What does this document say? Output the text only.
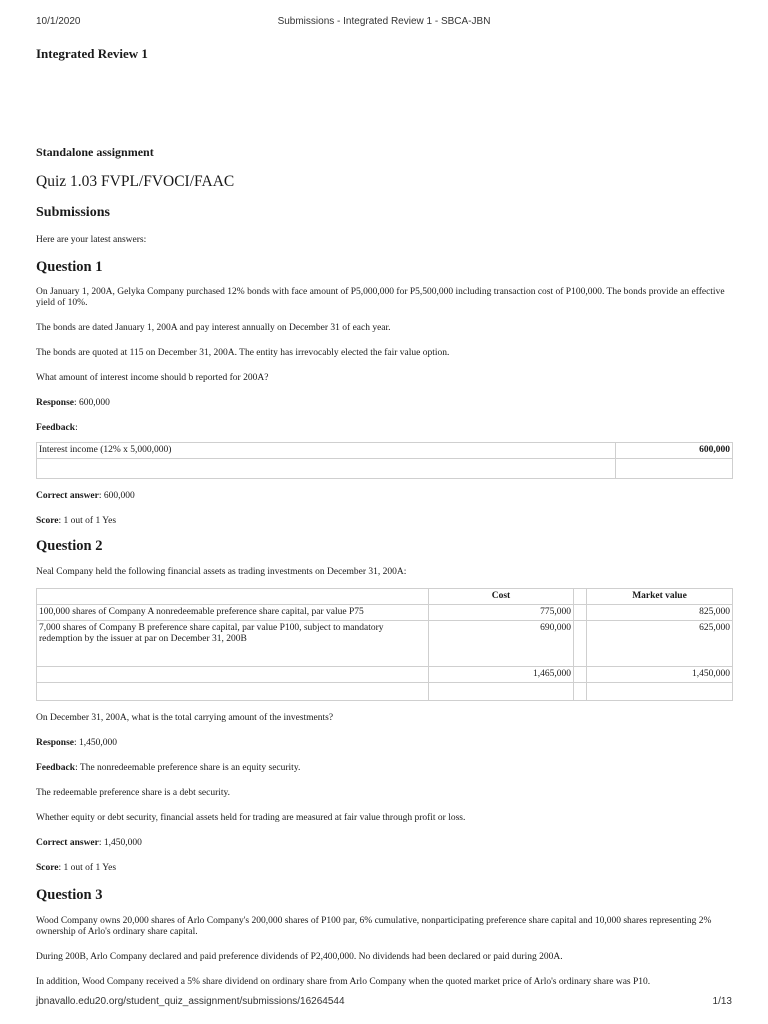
10/1/2020	Submissions - Integrated Review 1 - SBCA-JBN
Integrated Review 1
Standalone assignment
Quiz 1.03 FVPL/FVOCI/FAAC
Submissions

Here are your latest answers:

Question 1

On January 1, 200A, Gelyka Company purchased 12% bonds with face amount of P5,000,000 for P5,500,000 including transaction cost of P100,000. The bonds provide an effective yield of 10%.

The bonds are dated January 1, 200A and pay interest annually on December 31 of each year.

The bonds are quoted at 115 on December 31, 200A. The entity has irrevocably elected the fair value option.

What amount of interest income should b reported for 200A?

Response: 600,000

Feedback:

Interest income (12% x 5,000,000)	600,000

Correct answer: 600,000

Score: 1 out of 1 Yes

Question 2

Neal Company held the following financial assets as trading investments on December 31, 200A:

	Cost		Market value
100,000 shares of Company A nonredeemable preference share capital, par value P75	775,000		825,000
7,000 shares of Company B preference share capital, par value P100, subject to mandatory redemption by the issuer at par on December 31, 200B	690,000		625,000
	1,465,000		1,450,000

On December 31, 200A, what is the total carrying amount of the investments?

Response: 1,450,000

Feedback: The nonredeemable preference share is an equity security.

The redeemable preference share is a debt security.

Whether equity or debt security, financial assets held for trading are measured at fair value through profit or loss.

Correct answer: 1,450,000

Score: 1 out of 1 Yes

Question 3

Wood Company owns 20,000 shares of Arlo Company's 200,000 shares of P100 par, 6% cumulative, nonparticipating preference share capital and 10,000 shares representing 2% ownership of Arlo's ordinary share capital.

During 200B, Arlo Company declared and paid preference dividends of P2,400,000. No dividends had been declared or paid during 200A.

In addition, Wood Company received a 5% share dividend on ordinary share from Arlo Company when the quoted market price of Arlo's ordinary share was P10.

jbnavallo.edu20.org/student_quiz_assignment/submissions/16264544	1/13
